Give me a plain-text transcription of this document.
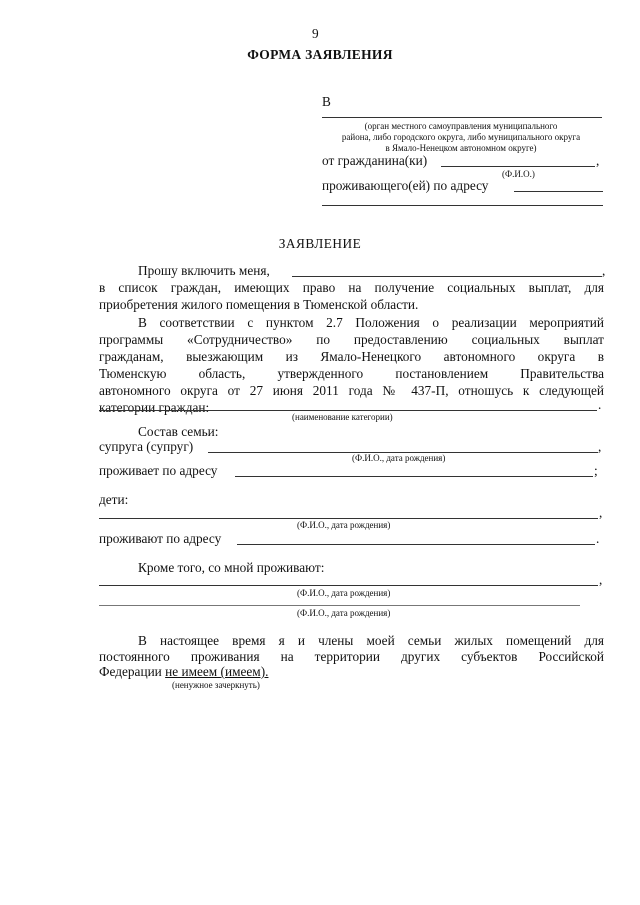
9
ФОРМА ЗАЯВЛЕНИЯ
В
(орган местного самоуправления муниципального
района, либо городского округа, либо муниципального округа
в Ямало-Ненецком автономном округе)
от гражданина(ки)	,
(Ф.И.О.)
проживающего(ей) по адресу
ЗАЯВЛЕНИЕ
Прошу включить меня,	,
в список граждан, имеющих право на получение социальных выплат, для
приобретения жилого помещения в Тюменской области.
В соответствии с пунктом 2.7 Положения о реализации мероприятий
программы «Сотрудничество» по предоставлению социальных выплат
гражданам, выезжающим из Ямало-Ненецкого автономного округа в
Тюменскую область, утвержденного постановлением Правительства
автономного округа от 27 июня 2011 года № 437-П, отношусь к следующей
категории граждан:	.
(наименование категории)
Состав семьи:
супруга (супруг)	,
(Ф.И.О., дата рождения)
проживает по адресу	;
дети:
,
(Ф.И.О., дата рождения)
проживают по адресу	.
Кроме того, со мной проживают:
,
(Ф.И.О., дата рождения)
(Ф.И.О., дата рождения)
В настоящее время я и члены моей семьи жилых помещений для
постоянного проживания на территории других субъектов Российской
Федерации не имеем (имеем).
(ненужное зачеркнуть)
